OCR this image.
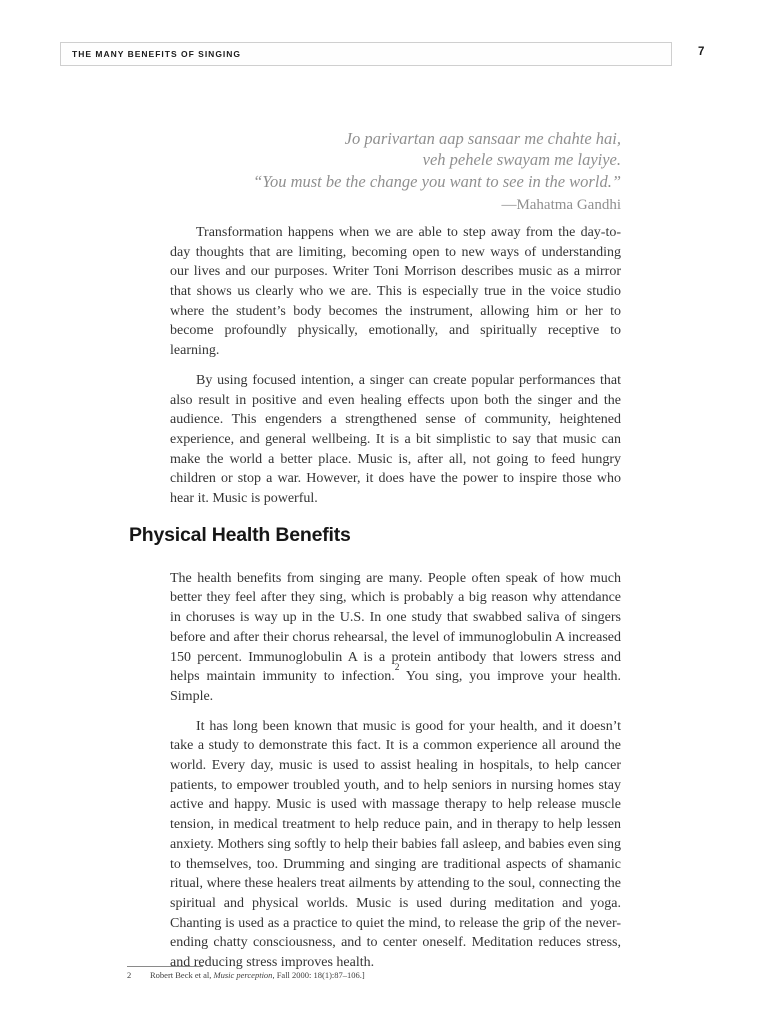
THE MANY BENEFITS OF SINGING	7
Jo parivartan aap sansaar me chahte hai,
veh pehele swayam me layiye.
“You must be the change you want to see in the world.”
—Mahatma Gandhi

Transformation happens when we are able to step away from the day-to-day thoughts that are limiting, becoming open to new ways of understanding our lives and our purposes. Writer Toni Morrison describes music as a mirror that shows us clearly who we are. This is especially true in the voice studio where the student’s body becomes the instrument, allowing him or her to become profoundly physically, emotionally, and spiritually receptive to learning.

By using focused intention, a singer can create popular performances that also result in positive and even healing effects upon both the singer and the audience. This engenders a strengthened sense of community, heightened experience, and general wellbeing. It is a bit simplistic to say that music can make the world a better place. Music is, after all, not going to feed hungry children or stop a war. However, it does have the power to inspire those who hear it. Music is powerful.

Physical Health Benefits

The health benefits from singing are many. People often speak of how much better they feel after they sing, which is probably a big reason why attendance in choruses is way up in the U.S. In one study that swabbed saliva of singers before and after their chorus rehearsal, the level of immunoglobulin A increased 150 percent. Immunoglobulin A is a protein antibody that lowers stress and helps maintain immunity to infection.$^2$ You sing, you improve your health. Simple.

It has long been known that music is good for your health, and it doesn’t take a study to demonstrate this fact. It is a common experience all around the world. Every day, music is used to assist healing in hospitals, to help cancer patients, to empower troubled youth, and to help seniors in nursing homes stay active and happy. Music is used with massage therapy to help release muscle tension, in medical treatment to help reduce pain, and in therapy to help lessen anxiety. Mothers sing softly to help their babies fall asleep, and babies even sing to themselves, too. Drumming and singing are traditional aspects of shamanic ritual, where these healers treat ailments by attending to the soul, connecting the spiritual and physical worlds. Music is used during meditation and yoga. Chanting is used as a practice to quiet the mind, to release the grip of the never-ending chatty consciousness, and to center oneself. Meditation reduces stress, and reducing stress improves health.

2 Robert Beck et al, Music perception, Fall 2000: 18(1):87–106.]
